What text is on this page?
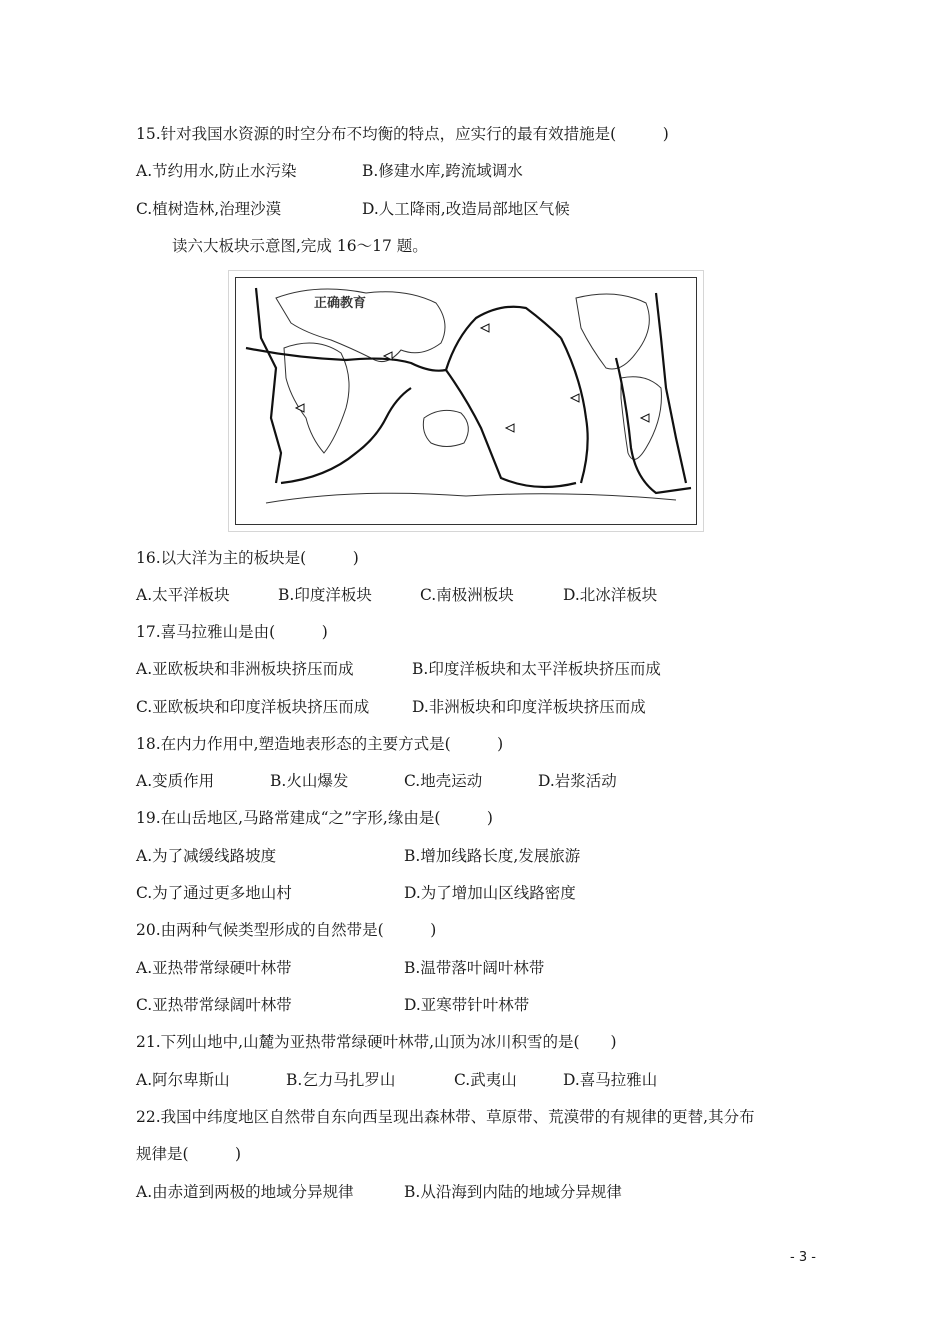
15.针对我国水资源的时空分布不均衡的特点，应实行的最有效措施是(　　　)
A.节约用水,防止水污染	B.修建水库,跨流域调水
C.植树造林,治理沙漠	D.人工降雨,改造局部地区气候
读六大板块示意图,完成 16～17 题。
正确教育
16.以大洋为主的板块是(　　　)
A.太平洋板块	B.印度洋板块	C.南极洲板块	D.北冰洋板块
17.喜马拉雅山是由(　　　)
A.亚欧板块和非洲板块挤压而成	B.印度洋板块和太平洋板块挤压而成
C.亚欧板块和印度洋板块挤压而成	D.非洲板块和印度洋板块挤压而成
18.在内力作用中,塑造地表形态的主要方式是(　　　)
A.变质作用	B.火山爆发	C.地壳运动	D.岩浆活动
19.在山岳地区,马路常建成“之”字形,缘由是(　　　)
A.为了减缓线路坡度	B.增加线路长度,发展旅游
C.为了通过更多地山村	D.为了增加山区线路密度
20.由两种气候类型形成的自然带是(　　　)
A.亚热带常绿硬叶林带	B.温带落叶阔叶林带
C.亚热带常绿阔叶林带	D.亚寒带针叶林带
21.下列山地中,山麓为亚热带常绿硬叶林带,山顶为冰川积雪的是(　　)
A.阿尔卑斯山	B.乞力马扎罗山	C.武夷山	D.喜马拉雅山
22.我国中纬度地区自然带自东向西呈现出森林带、草原带、荒漠带的有规律的更替,其分布
规律是(　　　)
A.由赤道到两极的地域分异规律	B.从沿海到内陆的地域分异规律
- 3 -
